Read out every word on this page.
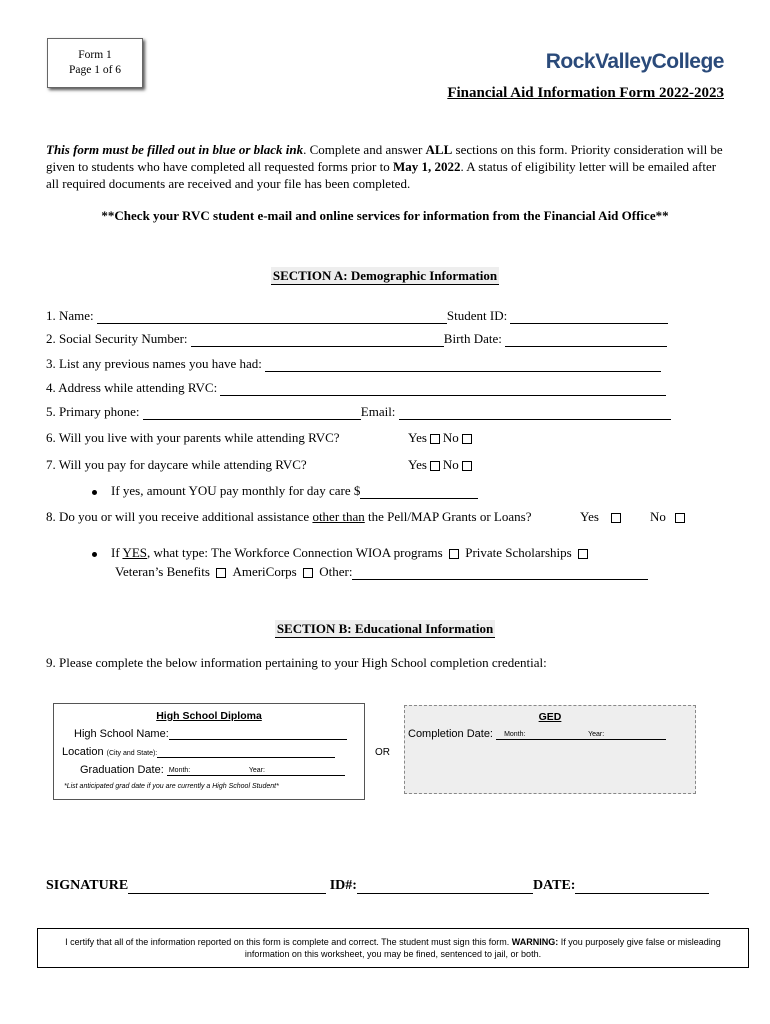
Form 1
Page 1 of 6	RockValleyCollege
Financial Aid Information Form 2022-2023
This form must be filled out in blue or black ink. Complete and answer ALL sections on this form. Priority consideration will be given to students who have completed all requested forms prior to May 1, 2022. A status of eligibility letter will be emailed after all required documents are received and your file has been completed.
**Check your RVC student e-mail and online services for information from the Financial Aid Office**
SECTION A: Demographic Information
1. Name:	Student ID:
2. Social Security Number:	Birth Date:
3. List any previous names you have had:
4. Address while attending RVC:
5. Primary phone:	Email:
6. Will you live with your parents while attending RVC?	Yes No
7. Will you pay for daycare while attending RVC?	Yes No
If yes, amount YOU pay monthly for day care $
8. Do you or will you receive additional assistance other than the Pell/MAP Grants or Loans?	Yes	No
If YES, what type: The Workforce Connection WIOA programs  Private Scholarships
Veteran’s Benefits  AmeriCorps  Other:
SECTION B: Educational Information
9. Please complete the below information pertaining to your High School completion credential:
High School Diploma
High School Name:
Location (City and State):
Graduation Date: Month:	Year:
*List anticipated grad date if you are currently a High School Student*
OR
GED
Completion Date: Month:	Year:
SIGNATURE	ID#:	DATE:
I certify that all of the information reported on this form is complete and correct. The student must sign this form. WARNING: If you purposely give false or misleading information on this worksheet, you may be fined, sentenced to jail, or both.
